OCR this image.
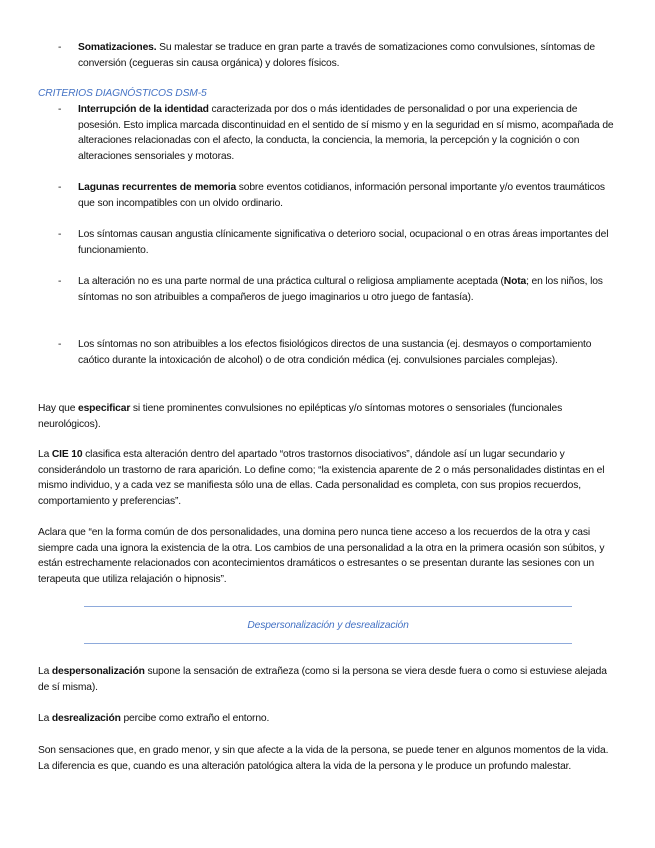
- Somatizaciones. Su malestar se traduce en gran parte a través de somatizaciones como convulsiones, síntomas de conversión (cegueras sin causa orgánica) y dolores físicos.
CRITERIOS DIAGNÓSTICOS DSM-5
- Interrupción de la identidad caracterizada por dos o más identidades de personalidad o por una experiencia de posesión. Esto implica marcada discontinuidad en el sentido de sí mismo y en la seguridad en sí mismo, acompañada de alteraciones relacionadas con el afecto, la conducta, la conciencia, la memoria, la percepción y la cognición o con alteraciones sensoriales y motoras.
- Lagunas recurrentes de memoria sobre eventos cotidianos, información personal importante y/o eventos traumáticos que son incompatibles con un olvido ordinario.
- Los síntomas causan angustia clínicamente significativa o deterioro social, ocupacional o en otras áreas importantes del funcionamiento.
- La alteración no es una parte normal de una práctica cultural o religiosa ampliamente aceptada (Nota; en los niños, los síntomas no son atribuibles a compañeros de juego imaginarios u otro juego de fantasía).
- Los síntomas no son atribuibles a los efectos fisiológicos directos de una sustancia (ej. desmayos o comportamiento caótico durante la intoxicación de alcohol) o de otra condición médica (ej. convulsiones parciales complejas).
Hay que especificar si tiene prominentes convulsiones no epilépticas y/o síntomas motores o sensoriales (funcionales neurológicos).
La CIE 10 clasifica esta alteración dentro del apartado “otros trastornos disociativos”, dándole así un lugar secundario y considerándolo un trastorno de rara aparición. Lo define como; “la existencia aparente de 2 o más personalidades distintas en el mismo individuo, y a cada vez se manifiesta sólo una de ellas. Cada personalidad es completa, con sus propios recuerdos, comportamiento y preferencias”.
Aclara que “en la forma común de dos personalidades, una domina pero nunca tiene acceso a los recuerdos de la otra y casi siempre cada una ignora la existencia de la otra. Los cambios de una personalidad a la otra en la primera ocasión son súbitos, y están estrechamente relacionados con acontecimientos dramáticos o estresantes o se presentan durante las sesiones con un terapeuta que utiliza relajación o hipnosis”.
Despersonalización y desrealización
La despersonalización supone la sensación de extrañeza (como si la persona se viera desde fuera o como si estuviese alejada de sí misma).
La desrealización percibe como extraño el entorno.
Son sensaciones que, en grado menor, y sin que afecte a la vida de la persona, se puede tener en algunos momentos de la vida. La diferencia es que, cuando es una alteración patológica altera la vida de la persona y le produce un profundo malestar.
